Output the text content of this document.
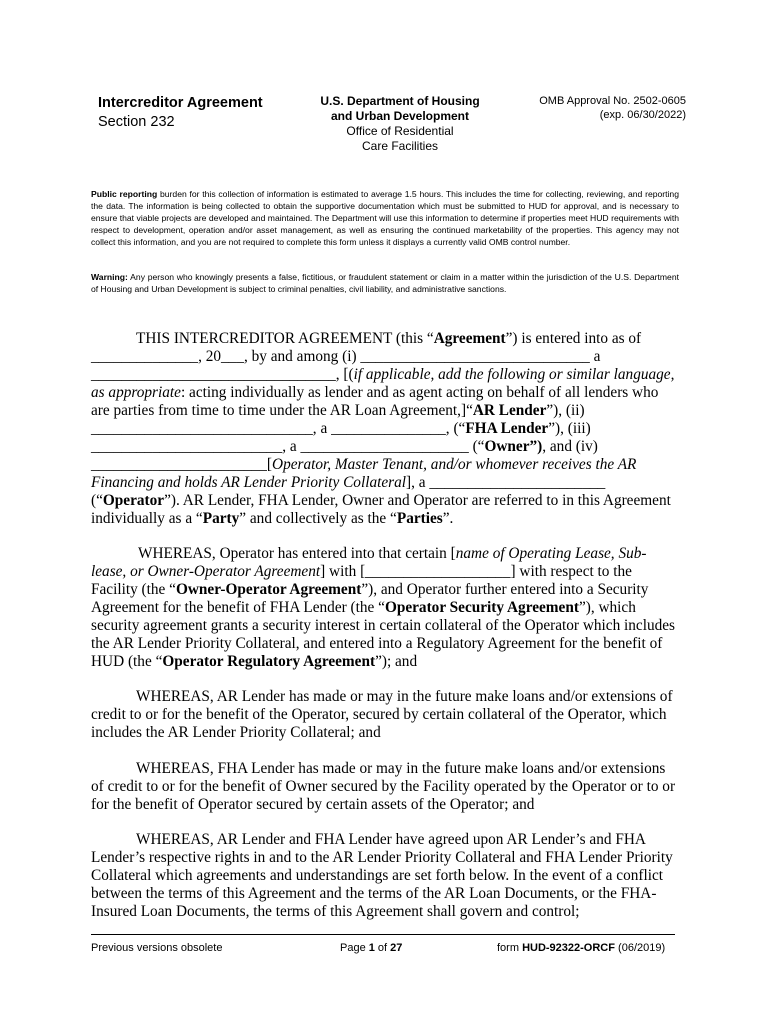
Intercreditor Agreement
Section 232
U.S. Department of Housing
and Urban Development
Office of Residential
Care Facilities
OMB Approval No. 2502-0605
(exp. 06/30/2022)
Public reporting burden for this collection of information is estimated to average 1.5 hours. This includes the time for collecting, reviewing, and reporting the data. The information is being collected to obtain the supportive documentation which must be submitted to HUD for approval, and is necessary to ensure that viable projects are developed and maintained. The Department will use this information to determine if properties meet HUD requirements with respect to development, operation and/or asset management, as well as ensuring the continued marketability of the properties. This agency may not collect this information, and you are not required to complete this form unless it displays a currently valid OMB control number.
Warning: Any person who knowingly presents a false, fictitious, or fraudulent statement or claim in a matter within the jurisdiction of the U.S. Department of Housing and Urban Development is subject to criminal penalties, civil liability, and administrative sanctions.

THIS INTERCREDITOR AGREEMENT (this “Agreement”) is entered into as of ______________, 20___, by and among (i) ______________________________ a ________________________________, [(if applicable, add the following or similar language, as appropriate: acting individually as lender and as agent acting on behalf of all lenders who are parties from time to time under the AR Loan Agreement,]“AR Lender”), (ii) _____________________________, a _______________, (“FHA Lender”), (iii) _________________________, a ______________________ (“Owner”), and (iv) _______________________[Operator, Master Tenant, and/or whomever receives the AR Financing and holds AR Lender Priority Collateral], a _______________________ (“Operator”). AR Lender, FHA Lender, Owner and Operator are referred to in this Agreement individually as a “Party” and collectively as the “Parties”.

WHEREAS, Operator has entered into that certain [name of Operating Lease, Sub-lease, or Owner-Operator Agreement] with [___________________] with respect to the Facility (the “Owner-Operator Agreement”), and Operator further entered into a Security Agreement for the benefit of FHA Lender (the “Operator Security Agreement”), which security agreement grants a security interest in certain collateral of the Operator which includes the AR Lender Priority Collateral, and entered into a Regulatory Agreement for the benefit of HUD (the “Operator Regulatory Agreement”); and

WHEREAS, AR Lender has made or may in the future make loans and/or extensions of credit to or for the benefit of the Operator, secured by certain collateral of the Operator, which includes the AR Lender Priority Collateral; and

WHEREAS, FHA Lender has made or may in the future make loans and/or extensions of credit to or for the benefit of Owner secured by the Facility operated by the Operator or to or for the benefit of Operator secured by certain assets of the Operator; and

WHEREAS, AR Lender and FHA Lender have agreed upon AR Lender’s and FHA Lender’s respective rights in and to the AR Lender Priority Collateral and FHA Lender Priority Collateral which agreements and understandings are set forth below. In the event of a conflict between the terms of this Agreement and the terms of the AR Loan Documents, or the FHA-Insured Loan Documents, the terms of this Agreement shall govern and control;

Previous versions obsolete	Page 1 of 27	form HUD-92322-ORCF (06/2019)
